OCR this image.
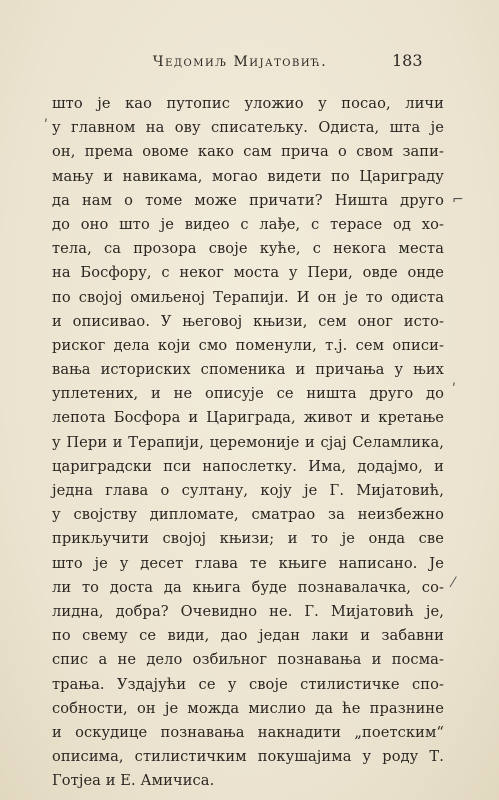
Чедомиљ Мијатовић.	183
што је као путопис уложио у посао, личи
у главном на ову списатељку. Одиста, шта је
он, према овоме како сам прича о свом запи-
мању и навикама, могао видети по Цариграду
да нам о томе може причати? Ништа друго
до оно што је видео с лађе, с терасе од хо-
тела, са прозора своје куће, с некога места
на Босфору, с неког моста у Пери, овде онде
по својој омиљеној Терапији. И он је то одиста
и описивао. У његовој књизи, сем оног исто-
риског дела који смо поменули, т.ј. сем описи-
вања историских споменика и причања у њих
уплетених, и не описује се ништа друго до
лепота Босфора и Цариграда, живот и кретање
у Пери и Терапији, церемоније и сјај Селамлика,
цариградски пси напослетку. Има, додајмо, и
једна глава о султану, коју је Г. Мијатовић,
у својству дипломате, сматрао за неизбежно
прикључити својој књизи; и то је онда све
што је у десет глава те књиге написано. Је
ли то доста да књига буде познавалачка, со-
лидна, добра? Очевидно не. Г. Мијатовић је,
по свему се види, дао један лаки и забавни
спис а не дело озбиљног познавања и посма-
трања. Уздајући се у своје стилистичке спо-
собности, он је можда мислио да ће празнине
и оскудице познавања накнадити „поетским“
описима, стилистичким покушајима у роду Т.
Готјеа и Е. Амичиса.
ʹ
⌐
ʹ
⁄
